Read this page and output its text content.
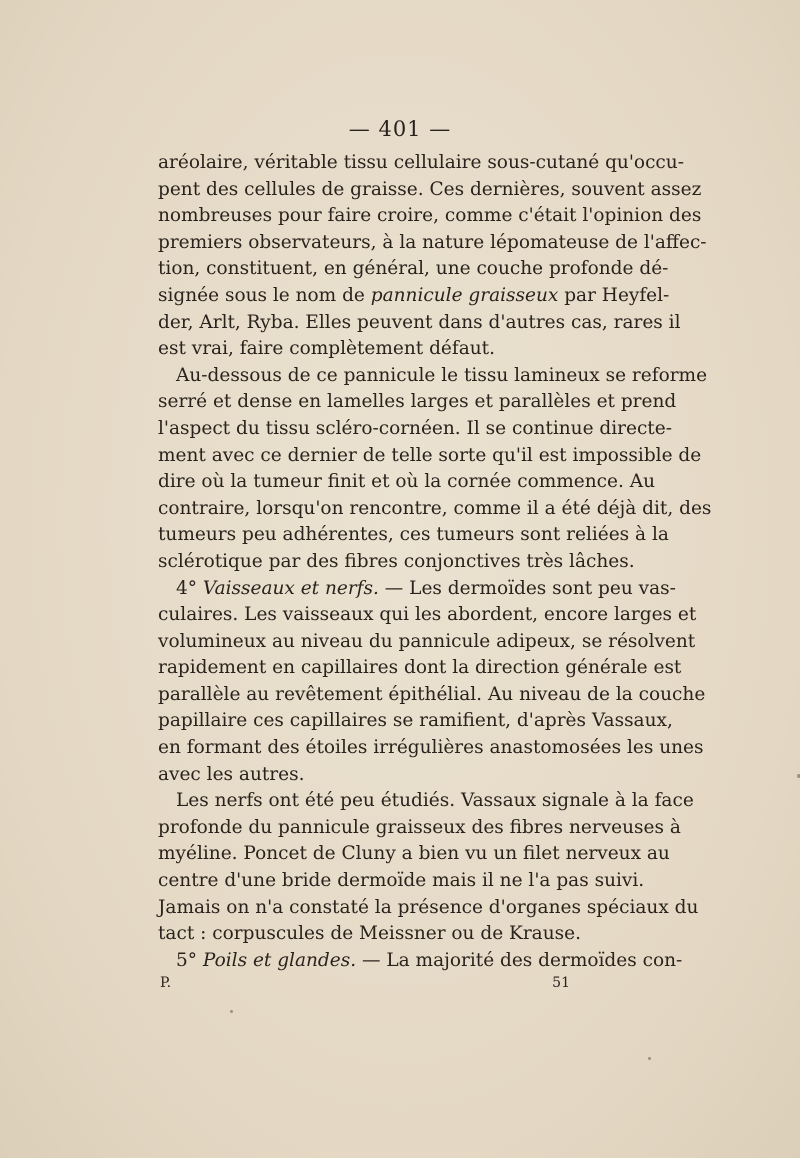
— 401 —
aréolaire, véritable tissu cellulaire sous-cutané qu'occu-
pent des cellules de graisse. Ces dernières, souvent assez
nombreuses pour faire croire, comme c'était l'opinion des
premiers observateurs, à la nature lépomateuse de l'affec-
tion, constituent, en général, une couche profonde dé-
signée sous le nom de pannicule graisseux par Heyfel-
der, Arlt, Ryba. Elles peuvent dans d'autres cas, rares il
est vrai, faire complètement défaut.
Au-dessous de ce pannicule le tissu lamineux se reforme
serré et dense en lamelles larges et parallèles et prend
l'aspect du tissu scléro-cornéen. Il se continue directe-
ment avec ce dernier de telle sorte qu'il est impossible de
dire où la tumeur finit et où la cornée commence. Au
contraire, lorsqu'on rencontre, comme il a été déjà dit, des
tumeurs peu adhérentes, ces tumeurs sont reliées à la
sclérotique par des fibres conjonctives très lâches.
4° Vaisseaux et nerfs. — Les dermoïdes sont peu vas-
culaires. Les vaisseaux qui les abordent, encore larges et
volumineux au niveau du pannicule adipeux, se résolvent
rapidement en capillaires dont la direction générale est
parallèle au revêtement épithélial. Au niveau de la couche
papillaire ces capillaires se ramifient, d'après Vassaux,
en formant des étoiles irrégulières anastomosées les unes
avec les autres.
Les nerfs ont été peu étudiés. Vassaux signale à la face
profonde du pannicule graisseux des fibres nerveuses à
myéline. Poncet de Cluny a bien vu un filet nerveux au
centre d'une bride dermoïde mais il ne l'a pas suivi.
Jamais on n'a constaté la présence d'organes spéciaux du
tact : corpuscules de Meissner ou de Krause.
5° Poils et glandes. — La majorité des dermoïdes con-
P.	51
